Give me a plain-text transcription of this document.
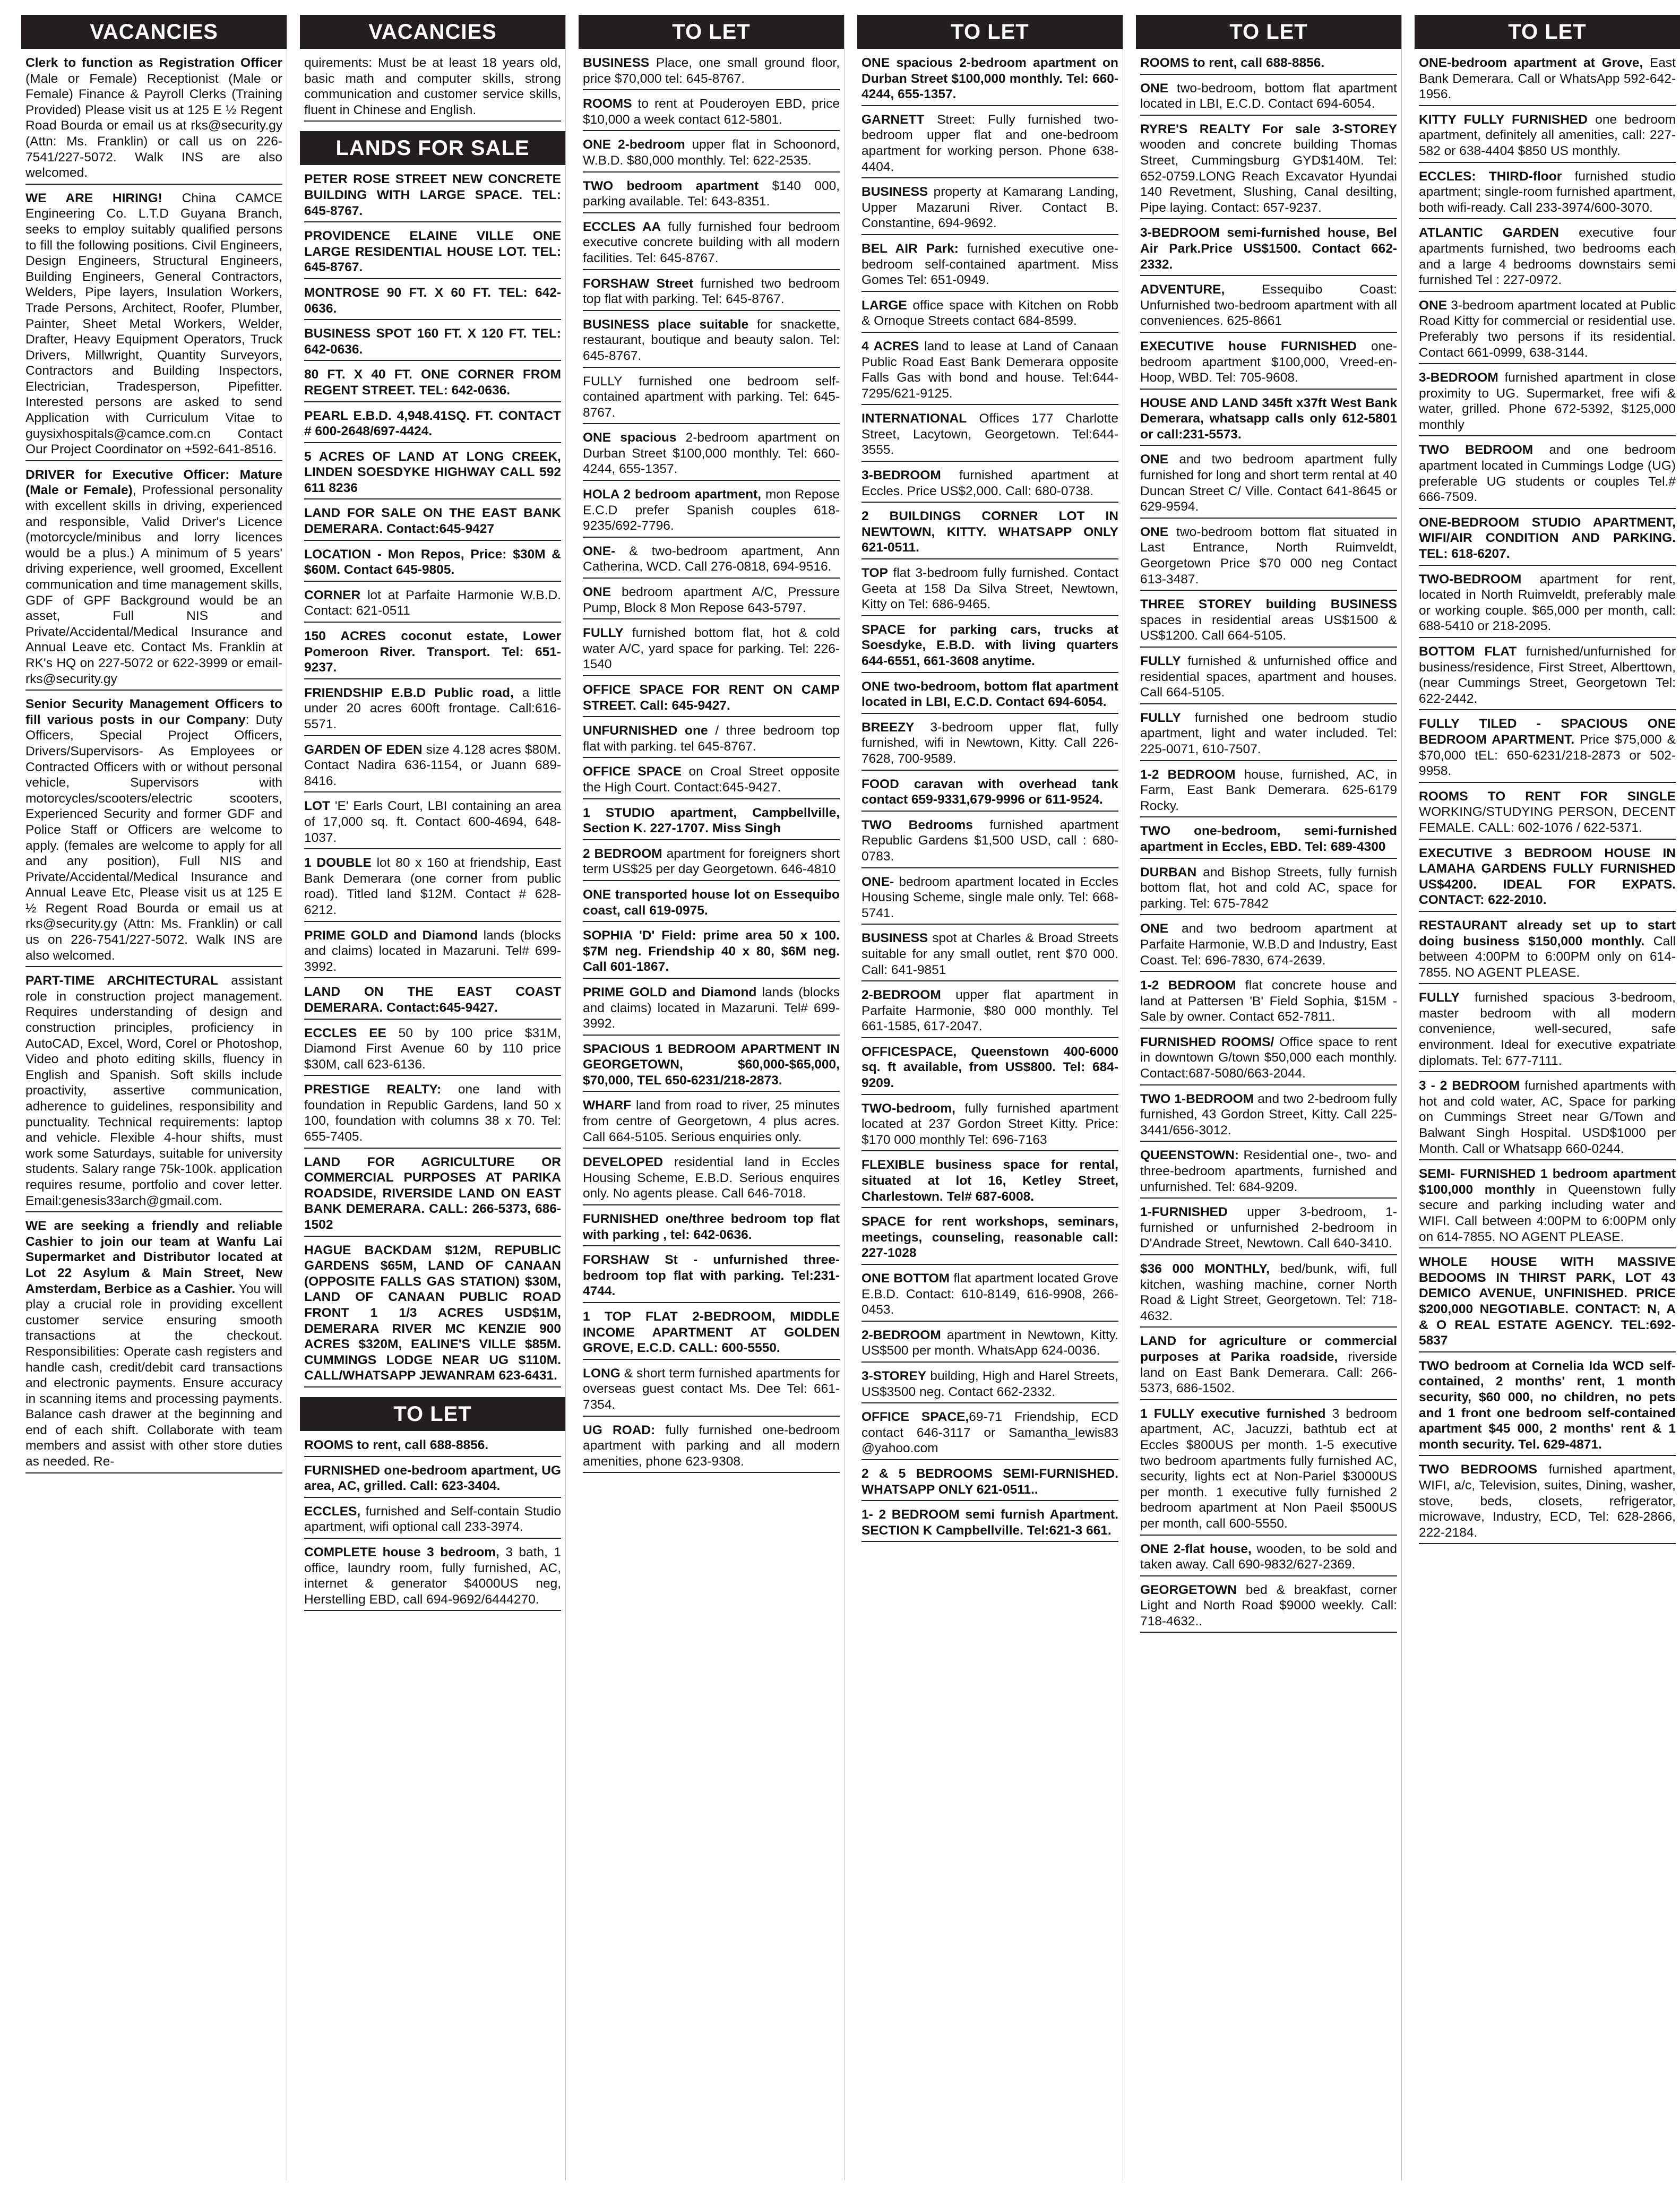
VACANCIES
Clerk to function as Registration Officer (Male or Female) Receptionist (Male or Female) Finance & Payroll Clerks (Training Provided) Please visit us at 125 E ½ Regent Road Bourda or email us at rks@security.gy (Attn: Ms. Franklin) or call us on 226-7541/227-5072. Walk INS are also welcomed.
WE ARE HIRING! China CAMCE Engineering Co. L.T.D Guyana Branch, seeks to employ suitably qualified persons to fill the following positions. Civil Engineers, Design Engineers, Structural Engineers, Building Engineers, General Contractors, Welders, Pipe layers, Insulation Workers, Trade Persons, Architect, Roofer, Plumber, Painter, Sheet Metal Workers, Welder, Drafter, Heavy Equipment Operators, Truck Drivers, Millwright, Quantity Surveyors, Contractors and Building Inspectors, Electrician, Tradesperson, Pipefitter. Interested persons are asked to send Application with Curriculum Vitae to guysixhospitals@camce.com.cn Contact Our Project Coordinator on +592-641-8516.
DRIVER for Executive Officer: Mature (Male or Female), Professional personality with excellent skills in driving, experienced and responsible, Valid Driver's Licence (motorcycle/minibus and lorry licences would be a plus.) A minimum of 5 years' driving experience, well groomed, Excellent communication and time management skills, GDF of GPF Background would be an asset, Full NIS and Private/Accidental/Medical Insurance and Annual Leave etc. Contact Ms. Franklin at RK's HQ on 227-5072 or 622-3999 or email-rks@security.gy
Senior Security Management Officers to fill various posts in our Company: Duty Officers, Special Project Officers, Drivers/Supervisors- As Employees or Contracted Officers with or without personal vehicle, Supervisors with motorcycles/scooters/electric scooters, Experienced Security and former GDF and Police Staff or Officers are welcome to apply. (females are welcome to apply for all and any position), Full NIS and Private/Accidental/Medical Insurance and Annual Leave Etc, Please visit us at 125 E ½ Regent Road Bourda or email us at rks@security.gy (Attn: Ms. Franklin) or call us on 226-7541/227-5072. Walk INS are also welcomed.
PART-TIME ARCHITECTURAL assistant role in construction project management. Requires understanding of design and construction principles, proficiency in AutoCAD, Excel, Word, Corel or Photoshop, Video and photo editing skills, fluency in English and Spanish. Soft skills include proactivity, assertive communication, adherence to guidelines, responsibility and punctuality. Technical requirements: laptop and vehicle. Flexible 4-hour shifts, must work some Saturdays, suitable for university students. Salary range 75k-100k. application requires resume, portfolio and cover letter. Email:genesis33arch@gmail.com.
WE are seeking a friendly and reliable Cashier to join our team at Wanfu Lai Supermarket and Distributor located at Lot 22 Asylum & Main Street, New Amsterdam, Berbice as a Cashier. You will play a crucial role in providing excellent customer service ensuring smooth transactions at the checkout. Responsibilities: Operate cash registers and handle cash, credit/debit card transactions and electronic payments. Ensure accuracy in scanning items and processing payments. Balance cash drawer at the beginning and end of each shift. Collaborate with team members and assist with other store duties as needed. Re-
VACANCIES
quirements: Must be at least 18 years old, basic math and computer skills, strong communication and customer service skills, fluent in Chinese and English.
LANDS FOR SALE
PETER ROSE STREET NEW CONCRETE BUILDING WITH LARGE SPACE. TEL: 645-8767.
PROVIDENCE ELAINE VILLE ONE LARGE RESIDENTIAL HOUSE LOT. TEL: 645-8767.
MONTROSE 90 FT. X 60 FT. TEL: 642-0636.
BUSINESS SPOT 160 FT. X 120 FT. TEL: 642-0636.
80 FT. X 40 FT. ONE CORNER FROM REGENT STREET. TEL: 642-0636.
PEARL E.B.D. 4,948.41SQ. FT. CONTACT # 600-2648/697-4424.
5 ACRES OF LAND AT LONG CREEK, LINDEN SOESDYKE HIGHWAY CALL 592 611 8236
LAND FOR SALE ON THE EAST BANK DEMERARA. Contact:645-9427
LOCATION - Mon Repos, Price: $30M & $60M. Contact 645-9805.
CORNER lot at Parfaite Harmonie W.B.D. Contact: 621-0511
150 ACRES coconut estate, Lower Pomeroon River. Transport. Tel: 651-9237.
FRIENDSHIP E.B.D Public road, a little under 20 acres 600ft frontage. Call:616-5571.
GARDEN OF EDEN size 4.128 acres $80M. Contact Nadira 636-1154, or Juann 689-8416.
LOT 'E' Earls Court, LBI containing an area of 17,000 sq. ft. Contact 600-4694, 648-1037.
1 DOUBLE lot 80 x 160 at friendship, East Bank Demerara (one corner from public road). Titled land $12M. Contact # 628-6212.
PRIME GOLD and Diamond lands (blocks and claims) located in Mazaruni. Tel# 699-3992.
LAND ON THE EAST COAST DEMERARA. Contact:645-9427.
ECCLES EE 50 by 100 price $31M, Diamond First Avenue 60 by 110 price $30M, call 623-6136.
PRESTIGE REALTY: one land with foundation in Republic Gardens, land 50 x 100, foundation with columns 38 x 70. Tel: 655-7405.
LAND FOR AGRICULTURE OR COMMERCIAL PURPOSES AT PARIKA ROADSIDE, RIVERSIDE LAND ON EAST BANK DEMERARA. CALL: 266-5373, 686-1502
HAGUE BACKDAM $12M, REPUBLIC GARDENS $65M, LAND OF CANAAN (OPPOSITE FALLS GAS STATION) $30M, LAND OF CANAAN PUBLIC ROAD FRONT 1 1/3 ACRES USD$1M, DEMERARA RIVER MC KENZIE 900 ACRES $320M, EALINE'S VILLE $85M. CUMMINGS LODGE NEAR UG $110M. CALL/WHATSAPP JEWANRAM 623-6431.
TO LET
ROOMS to rent, call 688-8856.
FURNISHED one-bedroom apartment, UG area, AC, grilled. Call: 623-3404.
ECCLES, furnished and Self-contain Studio apartment, wifi optional call 233-3974.
COMPLETE house 3 bedroom, 3 bath, 1 office, laundry room, fully furnished, AC, internet & generator $4000US neg, Herstelling EBD, call 694-9692/6444270.
TO LET
BUSINESS Place, one small ground floor, price $70,000 tel: 645-8767.
ROOMS to rent at Pouderoyen EBD, price $10,000 a week contact 612-5801.
ONE 2-bedroom upper flat in Schoonord, W.B.D. $80,000 monthly. Tel: 622-2535.
TWO bedroom apartment $140 000, parking available. Tel: 643-8351.
ECCLES AA fully furnished four bedroom executive concrete building with all modern facilities. Tel: 645-8767.
FORSHAW Street furnished two bedroom top flat with parking. Tel: 645-8767.
BUSINESS place suitable for snackette, restaurant, boutique and beauty salon. Tel: 645-8767.
FULLY furnished one bedroom self-contained apartment with parking. Tel: 645-8767.
ONE spacious 2-bedroom apartment on Durban Street $100,000 monthly. Tel: 660-4244, 655-1357.
HOLA 2 bedroom apartment, mon Repose E.C.D prefer Spanish couples 618-9235/692-7796.
ONE- & two-bedroom apartment, Ann Catherina, WCD. Call 276-0818, 694-9516.
ONE bedroom apartment A/C, Pressure Pump, Block 8 Mon Repose 643-5797.
FULLY furnished bottom flat, hot & cold water A/C, yard space for parking. Tel: 226-1540
OFFICE SPACE FOR RENT ON CAMP STREET. Call: 645-9427.
UNFURNISHED one / three bedroom top flat with parking. tel 645-8767.
OFFICE SPACE on Croal Street opposite the High Court. Contact:645-9427.
1 STUDIO apartment, Campbellville, Section K. 227-1707. Miss Singh
2 BEDROOM apartment for foreigners short term US$25 per day Georgetown. 646-4810
ONE transported house lot on Essequibo coast, call 619-0975.
SOPHIA 'D' Field: prime area 50 x 100. $7M neg. Friendship 40 x 80, $6M neg. Call 601-1867.
PRIME GOLD and Diamond lands (blocks and claims) located in Mazaruni. Tel# 699-3992.
SPACIOUS 1 BEDROOM APARTMENT IN GEORGETOWN, $60,000-$65,000, $70,000, TEL 650-6231/218-2873.
WHARF land from road to river, 25 minutes from centre of Georgetown, 4 plus acres. Call 664-5105. Serious enquiries only.
DEVELOPED residential land in Eccles Housing Scheme, E.B.D. Serious enquires only. No agents please. Call 646-7018.
FURNISHED one/three bedroom top flat with parking , tel: 642-0636.
FORSHAW St - unfurnished three-bedroom top flat with parking. Tel:231-4744.
1 TOP FLAT 2-BEDROOM, MIDDLE INCOME APARTMENT AT GOLDEN GROVE, E.C.D. CALL: 600-5550.
LONG & short term furnished apartments for overseas guest contact Ms. Dee Tel: 661-7354.
UG ROAD: fully furnished one-bedroom apartment with parking and all modern amenities, phone 623-9308.
TO LET
ONE spacious 2-bedroom apartment on Durban Street $100,000 monthly. Tel: 660-4244, 655-1357.
GARNETT Street: Fully furnished two-bedroom upper flat and one-bedroom apartment for working person. Phone 638-4404.
BUSINESS property at Kamarang Landing, Upper Mazaruni River. Contact B. Constantine, 694-9692.
BEL AIR Park: furnished executive one-bedroom self-contained apartment. Miss Gomes Tel: 651-0949.
LARGE office space with Kitchen on Robb & Ornoque Streets contact 684-8599.
4 ACRES land to lease at Land of Canaan Public Road East Bank Demerara opposite Falls Gas with bond and house. Tel:644-7295/621-9125.
INTERNATIONAL Offices 177 Charlotte Street, Lacytown, Georgetown. Tel:644-3555.
3-BEDROOM furnished apartment at Eccles. Price US$2,000. Call: 680-0738.
2 BUILDINGS CORNER LOT IN NEWTOWN, KITTY. WHATSAPP ONLY 621-0511.
TOP flat 3-bedroom fully furnished. Contact Geeta at 158 Da Silva Street, Newtown, Kitty on Tel: 686-9465.
SPACE for parking cars, trucks at Soesdyke, E.B.D. with living quarters 644-6551, 661-3608 anytime.
ONE two-bedroom, bottom flat apartment located in LBI, E.C.D. Contact 694-6054.
BREEZY 3-bedroom upper flat, fully furnished, wifi in Newtown, Kitty. Call 226-7628, 700-9589.
FOOD caravan with overhead tank contact 659-9331,679-9996 or 611-9524.
TWO Bedrooms furnished apartment Republic Gardens $1,500 USD, call : 680-0783.
ONE- bedroom apartment located in Eccles Housing Scheme, single male only. Tel: 668-5741.
BUSINESS spot at Charles & Broad Streets suitable for any small outlet, rent $70 000. Call: 641-9851
2-BEDROOM upper flat apartment in Parfaite Harmonie, $80 000 monthly. Tel 661-1585, 617-2047.
OFFICESPACE, Queenstown 400-6000 sq. ft available, from US$800. Tel: 684-9209.
TWO-bedroom, fully furnished apartment located at 237 Gordon Street Kitty. Price: $170 000 monthly Tel: 696-7163
FLEXIBLE business space for rental, situated at lot 16, Ketley Street, Charlestown. Tel# 687-6008.
SPACE for rent workshops, seminars, meetings, counseling, reasonable call: 227-1028
ONE BOTTOM flat apartment located Grove E.B.D. Contact: 610-8149, 616-9908, 266-0453.
2-BEDROOM apartment in Newtown, Kitty. US$500 per month. WhatsApp 624-0036.
3-STOREY building, High and Harel Streets, US$3500 neg. Contact 662-2332.
OFFICE SPACE,69-71 Friendship, ECD contact 646-3117 or Samantha_lewis83 @yahoo.com
2 & 5 BEDROOMS SEMI-FURNISHED. WHATSAPP ONLY 621-0511..
1- 2 BEDROOM semi furnish Apartment. SECTION K Campbellville. Tel:621-3 661.
TO LET
ROOMS to rent, call 688-8856.
ONE two-bedroom, bottom flat apartment located in LBI, E.C.D. Contact 694-6054.
RYRE'S REALTY For sale 3-STOREY wooden and concrete building Thomas Street, Cummingsburg GYD$140M. Tel: 652-0759.LONG Reach Excavator Hyundai 140 Revetment, Slushing, Canal desilting, Pipe laying. Contact: 657-9237.
3-BEDROOM semi-furnished house, Bel Air Park.Price US$1500. Contact 662-2332.
ADVENTURE, Essequibo Coast: Unfurnished two-bedroom apartment with all conveniences. 625-8661
EXECUTIVE house FURNISHED one-bedroom apartment $100,000, Vreed-en-Hoop, WBD. Tel: 705-9608.
HOUSE AND LAND 345ft x37ft West Bank Demerara, whatsapp calls only 612-5801 or call:231-5573.
ONE and two bedroom apartment fully furnished for long and short term rental at 40 Duncan Street C/ Ville. Contact 641-8645 or 629-9594.
ONE two-bedroom bottom flat situated in Last Entrance, North Ruimveldt, Georgetown Price $70 000 neg Contact 613-3487.
THREE STOREY building BUSINESS spaces in residential areas US$1500 & US$1200. Call 664-5105.
FULLY furnished & unfurnished office and residential spaces, apartment and houses. Call 664-5105.
FULLY furnished one bedroom studio apartment, light and water included. Tel: 225-0071, 610-7507.
1-2 BEDROOM house, furnished, AC, in Farm, East Bank Demerara. 625-6179 Rocky.
TWO one-bedroom, semi-furnished apartment in Eccles, EBD. Tel: 689-4300
DURBAN and Bishop Streets, fully furnish bottom flat, hot and cold AC, space for parking. Tel: 675-7842
ONE and two bedroom apartment at Parfaite Harmonie, W.B.D and Industry, East Coast. Tel: 696-7830, 674-2639.
1-2 BEDROOM flat concrete house and land at Pattersen 'B' Field Sophia, $15M - Sale by owner. Contact 652-7811.
FURNISHED ROOMS/ Office space to rent in downtown G/town $50,000 each monthly. Contact:687-5080/663-2044.
TWO 1-BEDROOM and two 2-bedroom fully furnished, 43 Gordon Street, Kitty. Call 225- 3441/656-3012.
QUEENSTOWN: Residential one-, two- and three-bedroom apartments, furnished and unfurnished. Tel: 684-9209.
1-FURNISHED upper 3-bedroom, 1-furnished or unfurnished 2-bedroom in D'Andrade Street, Newtown. Call 640-3410.
$36 000 MONTHLY, bed/bunk, wifi, full kitchen, washing machine, corner North Road & Light Street, Georgetown. Tel: 718-4632.
LAND for agriculture or commercial purposes at Parika roadside, riverside land on East Bank Demerara. Call: 266-5373, 686-1502.
1 FULLY executive furnished 3 bedroom apartment, AC, Jacuzzi, bathtub ect at Eccles $800US per month. 1-5 executive two bedroom apartments fully furnished AC, security, lights ect at Non-Pariel $3000US per month. 1 executive fully furnished 2 bedroom apartment at Non Paeil $500US per month, call 600-5550.
ONE 2-flat house, wooden, to be sold and taken away. Call 690-9832/627-2369.
GEORGETOWN bed & breakfast, corner Light and North Road $9000 weekly. Call: 718-4632..
TO LET
ONE-bedroom apartment at Grove, East Bank Demerara. Call or WhatsApp 592-642-1956.
KITTY FULLY FURNISHED one bedroom apartment, definitely all amenities, call: 227-582 or 638-4404 $850 US monthly.
ECCLES: THIRD-floor furnished studio apartment; single-room furnished apartment, both wifi-ready. Call 233-3974/600-3070.
ATLANTIC GARDEN executive four apartments furnished, two bedrooms each and a large 4 bedrooms downstairs semi furnished Tel : 227-0972.
ONE 3-bedroom apartment located at Public Road Kitty for commercial or residential use. Preferably two persons if its residential. Contact 661-0999, 638-3144.
3-BEDROOM furnished apartment in close proximity to UG. Supermarket, free wifi & water, grilled. Phone 672-5392, $125,000 monthly
TWO BEDROOM and one bedroom apartment located in Cummings Lodge (UG) preferable UG students or couples Tel.# 666-7509.
ONE-BEDROOM STUDIO APARTMENT, WIFI/AIR CONDITION AND PARKING. TEL: 618-6207.
TWO-BEDROOM apartment for rent, located in North Ruimveldt, preferably male or working couple. $65,000 per month, call: 688-5410 or 218-2095.
BOTTOM FLAT furnished/unfurnished for business/residence, First Street, Alberttown, (near Cummings Street, Georgetown Tel: 622-2442.
FULLY TILED - SPACIOUS ONE BEDROOM APARTMENT. Price $75,000 & $70,000 tEL: 650-6231/218-2873 or 502-9958.
ROOMS TO RENT FOR SINGLE WORKING/STUDYING PERSON, DECENT FEMALE. CALL: 602-1076 / 622-5371.
EXECUTIVE 3 BEDROOM HOUSE IN LAMAHA GARDENS FULLY FURNISHED US$4200. IDEAL FOR EXPATS. CONTACT: 622-2010.
RESTAURANT already set up to start doing business $150,000 monthly. Call between 4:00PM to 6:00PM only on 614-7855. NO AGENT PLEASE.
FULLY furnished spacious 3-bedroom, master bedroom with all modern convenience, well-secured, safe environment. Ideal for executive expatriate diplomats. Tel: 677-7111.
3 - 2 BEDROOM furnished apartments with hot and cold water, AC, Space for parking on Cummings Street near G/Town and Balwant Singh Hospital. USD$1000 per Month. Call or Whatsapp 660-0244.
SEMI- FURNISHED 1 bedroom apartment $100,000 monthly in Queenstown fully secure and parking including water and WIFI. Call between 4:00PM to 6:00PM only on 614-7855. NO AGENT PLEASE.
WHOLE HOUSE WITH MASSIVE BEDOOMS IN THIRST PARK, LOT 43 DEMICO AVENUE, UNFINISHED. PRICE $200,000 NEGOTIABLE. CONTACT: N, A & O REAL ESTATE AGENCY. TEL:692-5837
TWO bedroom at Cornelia Ida WCD self-contained, 2 months' rent, 1 month security, $60 000, no children, no pets and 1 front one bedroom self-contained apartment $45 000, 2 months' rent & 1 month security. Tel. 629-4871.
TWO BEDROOMS furnished apartment, WIFI, a/c, Television, suites, Dining, washer, stove, beds, closets, refrigerator, microwave, Industry, ECD, Tel: 628-2866, 222-2184.
